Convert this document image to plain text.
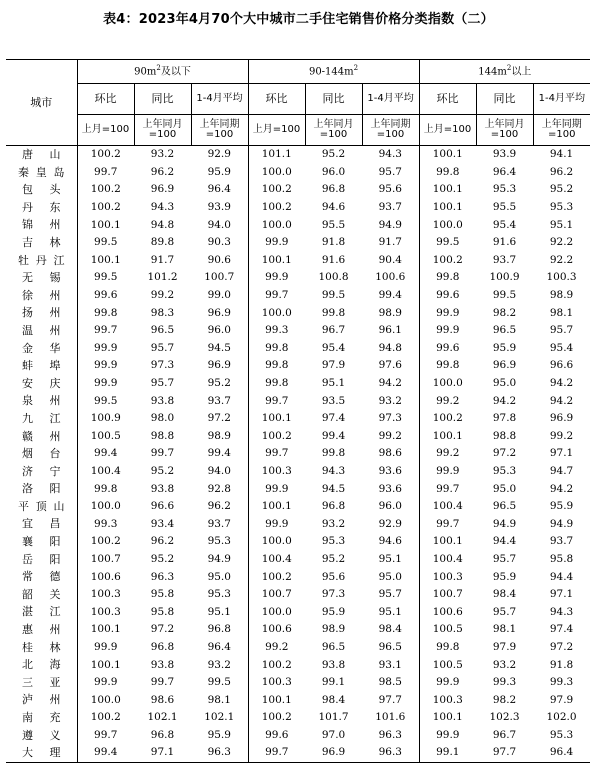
表4：2023年4月70个大中城市二手住宅销售价格分类指数（二）
城市	$90m^2$及以下			$90-144m^2$			$144m^2$以上		
	环比	同比	1-4月平均	环比	同比	1-4月平均	环比	同比	1-4月平均
	上月=100	上年同月=100	上年同期=100	上月=100	上年同月=100	上年同期=100	上月=100	上年同月=100	上年同期=100
唐山	100.2	93.2	92.9	101.1	95.2	94.3	100.1	93.9	94.1
秦皇岛	99.7	96.2	95.9	100.0	96.0	95.7	99.8	96.4	96.2
包头	100.2	96.9	96.4	100.2	96.8	95.6	100.1	95.3	95.2
丹东	100.2	94.3	93.9	100.2	94.6	93.7	100.1	95.5	95.3
锦州	100.1	94.8	94.0	100.0	95.5	94.9	100.0	95.4	95.1
吉林	99.5	89.8	90.3	99.9	91.8	91.7	99.5	91.6	92.2
牡丹江	100.1	91.7	90.6	100.1	91.6	90.4	100.2	93.7	92.2
无锡	99.5	101.2	100.7	99.9	100.8	100.6	99.8	100.9	100.3
徐州	99.6	99.2	99.0	99.7	99.5	99.4	99.6	99.5	98.9
扬州	99.8	98.3	96.9	100.0	99.8	98.9	99.9	98.2	98.1
温州	99.7	96.5	96.0	99.3	96.7	96.1	99.9	96.5	95.7
金华	99.9	95.7	94.5	99.8	95.4	94.8	99.6	95.9	95.4
蚌埠	99.9	97.3	96.9	99.8	97.9	97.6	99.8	96.9	96.6
安庆	99.9	95.7	95.2	99.8	95.1	94.2	100.0	95.0	94.2
泉州	99.5	93.8	93.7	99.7	93.5	93.2	99.2	94.2	94.2
九江	100.9	98.0	97.2	100.1	97.4	97.3	100.2	97.8	96.9
赣州	100.5	98.8	98.9	100.2	99.4	99.2	100.1	98.8	99.2
烟台	99.4	99.7	99.4	99.7	99.8	98.6	99.2	97.2	97.1
济宁	100.4	95.2	94.0	100.3	94.3	93.6	99.9	95.3	94.7
洛阳	99.8	93.8	92.8	99.9	94.5	93.6	99.7	95.0	94.2
平顶山	100.0	96.6	96.2	100.1	96.8	96.0	100.4	96.5	95.9
宜昌	99.3	93.4	93.7	99.9	93.2	92.9	99.7	94.9	94.9
襄阳	100.2	96.2	95.3	100.0	95.3	94.6	100.1	94.4	93.7
岳阳	100.7	95.2	94.9	100.4	95.2	95.1	100.4	95.7	95.8
常德	100.6	96.3	95.0	100.2	95.6	95.0	100.3	95.9	94.4
韶关	100.3	95.8	95.3	100.7	97.3	95.7	100.7	98.4	97.1
湛江	100.3	95.8	95.1	100.0	95.9	95.1	100.6	95.7	94.3
惠州	100.1	97.2	96.8	100.6	98.9	98.4	100.5	98.1	97.4
桂林	99.9	96.8	96.4	99.2	96.5	96.5	99.8	97.9	97.2
北海	100.1	93.8	93.2	100.2	93.8	93.1	100.5	93.2	91.8
三亚	99.9	99.7	99.5	100.3	99.1	98.5	99.9	99.3	99.3
泸州	100.0	98.6	98.1	100.1	98.4	97.7	100.3	98.2	97.9
南充	100.2	102.1	102.1	100.2	101.7	101.6	100.1	102.3	102.0
遵义	99.7	96.8	95.9	99.6	97.0	96.3	99.9	96.7	95.3
大理	99.4	97.1	96.3	99.7	96.9	96.3	99.1	97.7	96.4
